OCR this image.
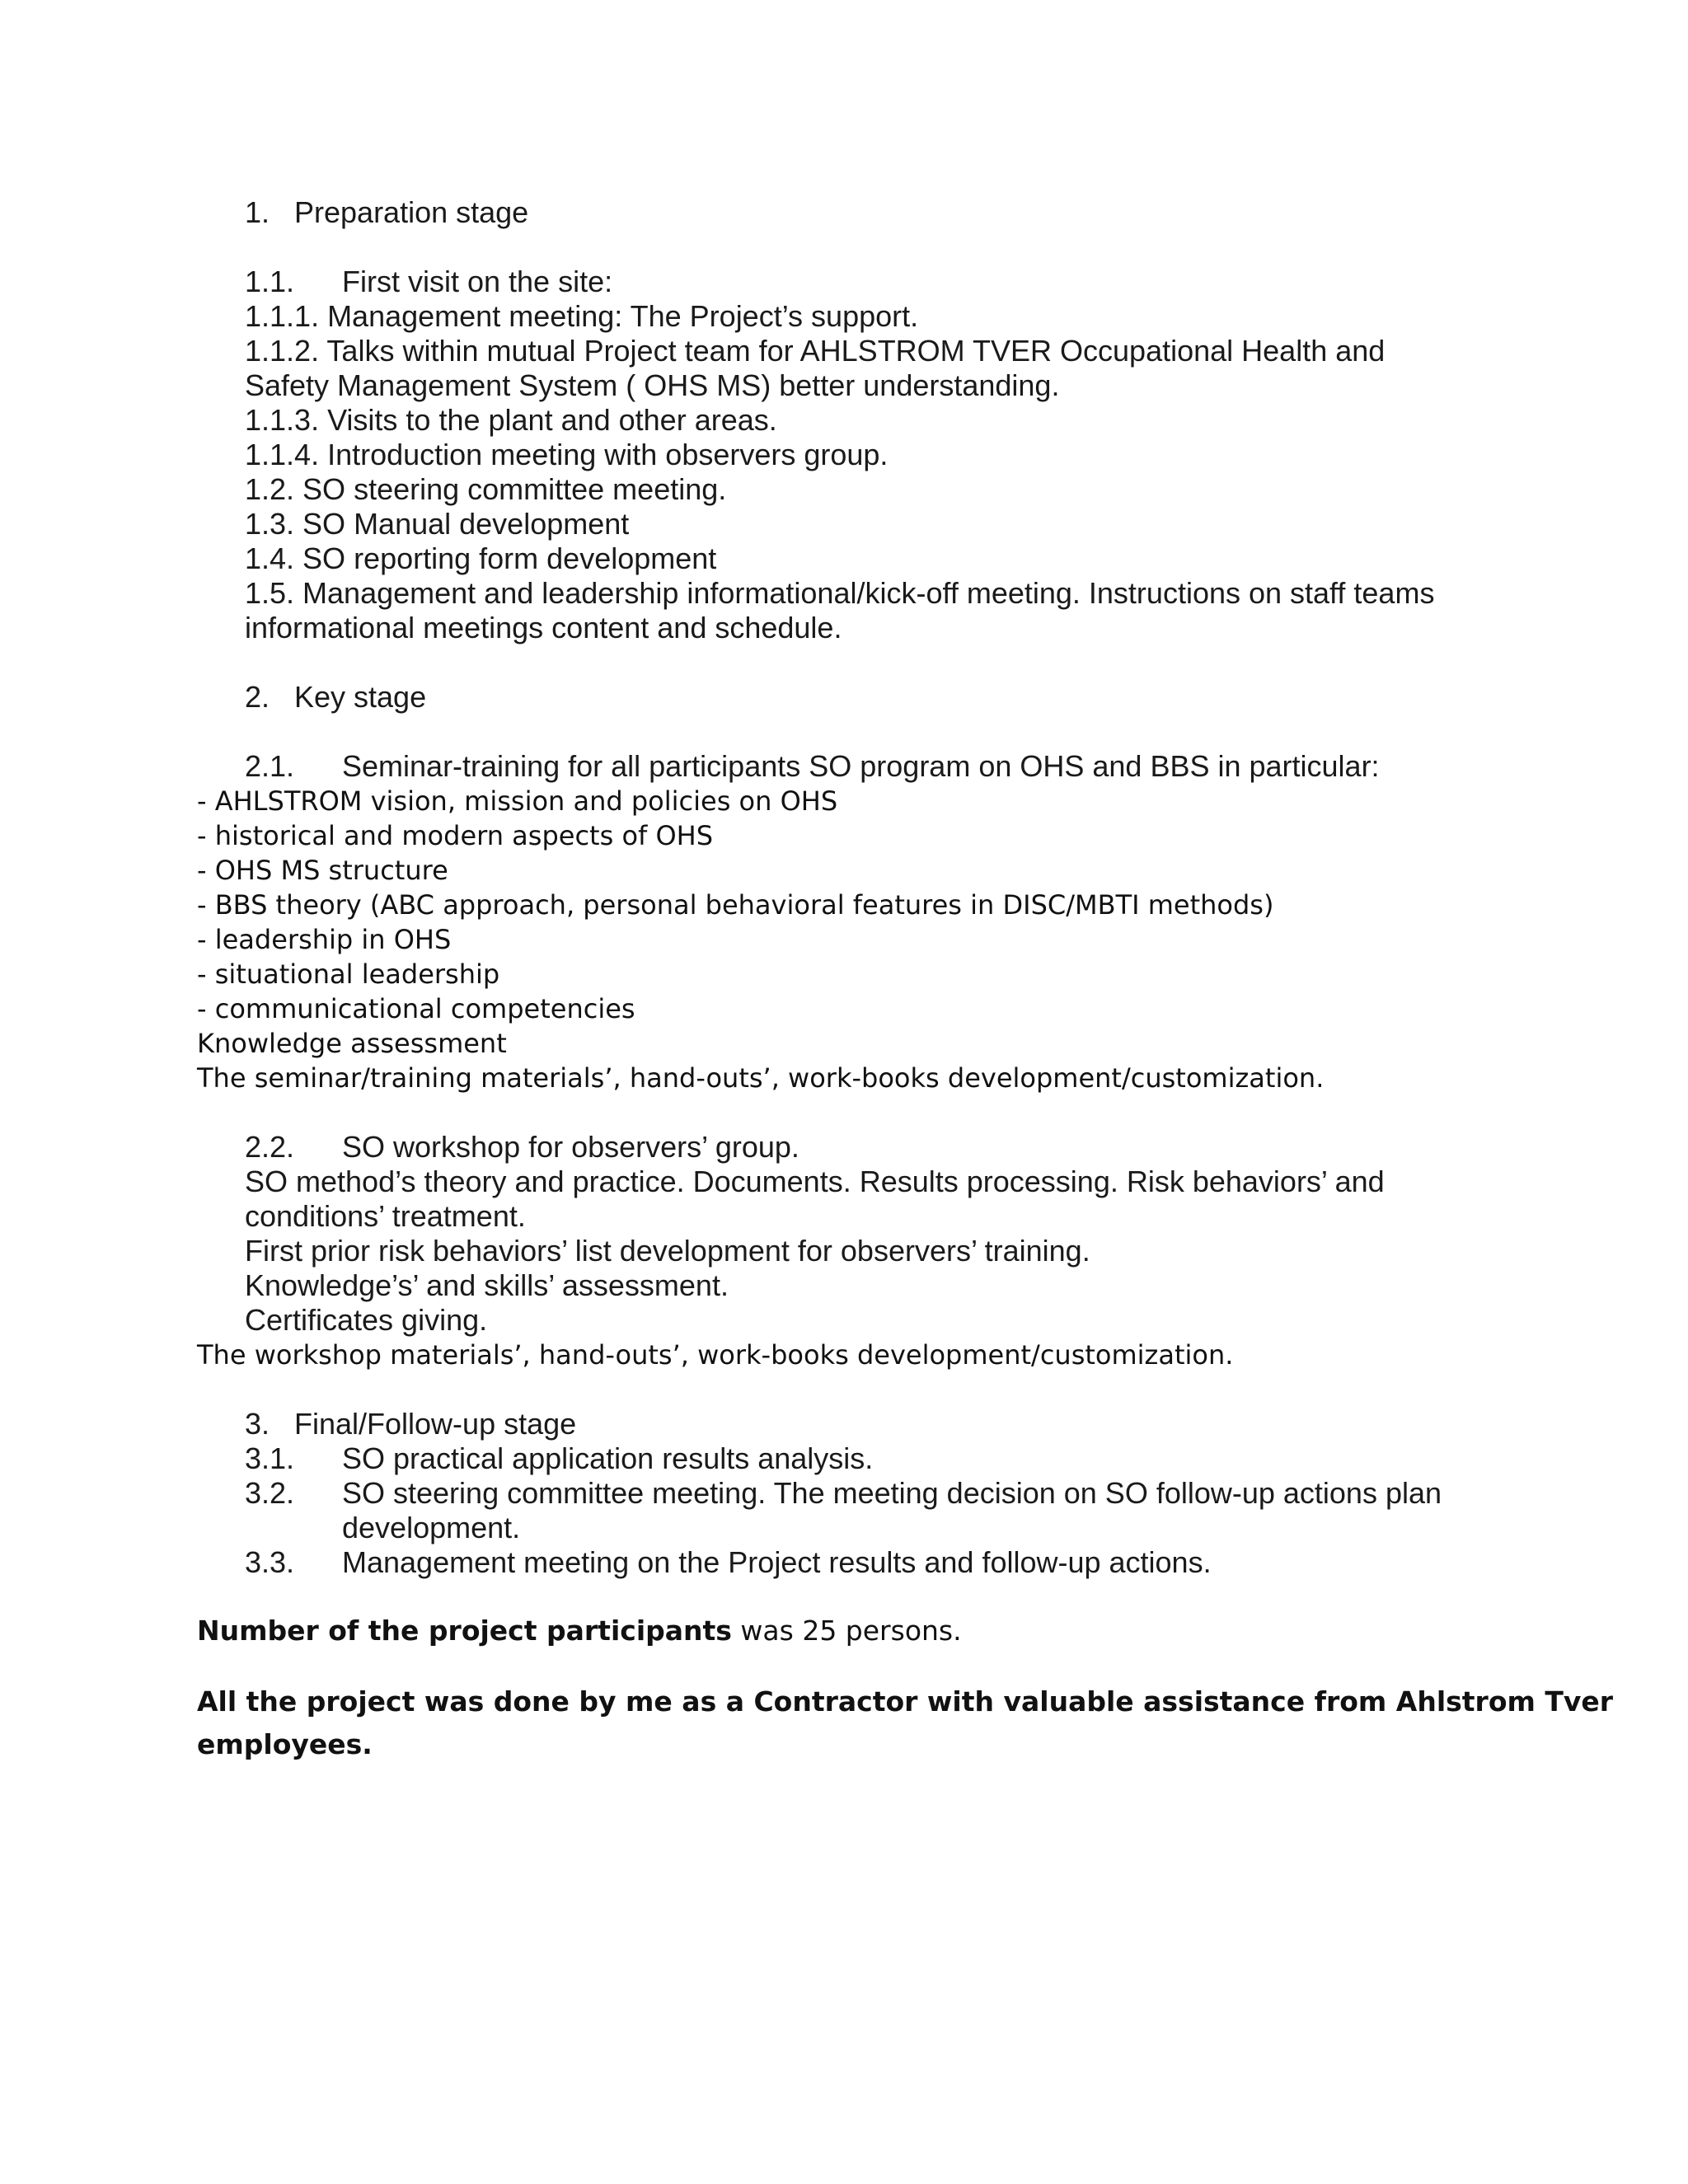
1. Preparation stage
1.1. First visit on the site:

1.1.1. Management meeting: The Project’s support.

1.1.2. Talks within mutual Project team for AHLSTROM TVER Occupational Health and

Safety Management System ( OHS MS) better understanding.

1.1.3. Visits to the plant and other areas.

1.1.4. Introduction meeting with observers group.

1.2. SO steering committee meeting.

1.3. SO Manual development

1.4. SO reporting form development

1.5. Management and leadership informational/kick-off meeting. Instructions on staff teams

informational meetings content and schedule.

2. Key stage
2.1. Seminar-training for all participants SO program on OHS and BBS in particular:

- AHLSTROM vision, mission and policies on OHS

- historical and modern aspects of OHS

- OHS MS structure

- BBS theory (ABC approach, personal behavioral features in DISC/MBTI methods)

- leadership in OHS

- situational leadership

- communicational competencies

Knowledge assessment

The seminar/training materials’, hand-outs’, work-books development/customization.

2.2. SO workshop for observers’ group.

SO method’s theory and practice. Documents. Results processing. Risk behaviors’ and

conditions’ treatment.

First prior risk behaviors’ list development for observers’ training.

Knowledge’s’ and skills’ assessment.

Certificates giving.

The workshop materials’, hand-outs’, work-books development/customization.

3. Final/Follow-up stage
3.1. SO practical application results analysis.
3.2. SO steering committee meeting. The meeting decision on SO follow-up actions plan

development.

3.3. Management meeting on the Project results and follow-up actions.
Number of the project participants was 25 persons.

All the project was done by me as a Contractor with valuable assistance from Ahlstrom Tver

employees.
